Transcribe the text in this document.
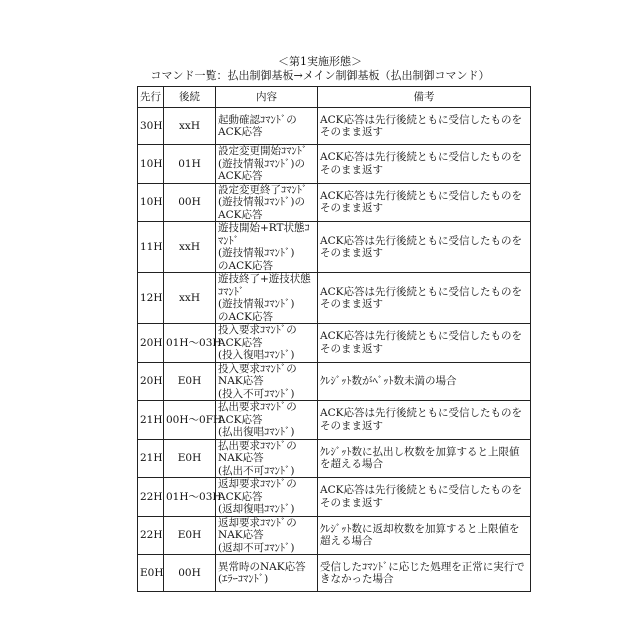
＜第1実施形態＞
コマンド一覧：払出制御基板→メイン制御基板（払出制御コマンド）
先行	後続	内容	備考
30H	xxH	起動確認ｺﾏﾝﾄﾞの
ACK応答	ACK応答は先行後続ともに受信したものを
そのまま返す
10H	01H	設定変更開始ｺﾏﾝﾄﾞ
(遊技情報ｺﾏﾝﾄﾞ)の
ACK応答	ACK応答は先行後続ともに受信したものを
そのまま返す
10H	00H	設定変更終了ｺﾏﾝﾄﾞ
(遊技情報ｺﾏﾝﾄﾞ)の
ACK応答	ACK応答は先行後続ともに受信したものを
そのまま返す
11H	xxH	遊技開始+RT状態ｺﾏﾝﾄﾞ
(遊技情報ｺﾏﾝﾄﾞ)
のACK応答	ACK応答は先行後続ともに受信したものを
そのまま返す
12H	xxH	遊技終了+遊技状態ｺﾏﾝﾄﾞ
(遊技情報ｺﾏﾝﾄﾞ)
のACK応答	ACK応答は先行後続ともに受信したものを
そのまま返す
20H	01H～03H	投入要求ｺﾏﾝﾄﾞの
ACK応答
(投入復唱ｺﾏﾝﾄﾞ)	ACK応答は先行後続ともに受信したものを
そのまま返す
20H	E0H	投入要求ｺﾏﾝﾄﾞの
NAK応答
(投入不可ｺﾏﾝﾄﾞ)	ｸﾚｼﾞｯﾄ数がﾍﾞｯﾄ数未満の場合
21H	00H～0FH	払出要求ｺﾏﾝﾄﾞの
ACK応答
(払出復唱ｺﾏﾝﾄﾞ)	ACK応答は先行後続ともに受信したものを
そのまま返す
21H	E0H	払出要求ｺﾏﾝﾄﾞの
NAK応答
(払出不可ｺﾏﾝﾄﾞ)	ｸﾚｼﾞｯﾄ数に払出し枚数を加算すると上限値
を超える場合
22H	01H～03H	返却要求ｺﾏﾝﾄﾞの
ACK応答
(返却復唱ｺﾏﾝﾄﾞ)	ACK応答は先行後続ともに受信したものを
そのまま返す
22H	E0H	返却要求ｺﾏﾝﾄﾞの
NAK応答
(返却不可ｺﾏﾝﾄﾞ)	ｸﾚｼﾞｯﾄ数に返却枚数を加算すると上限値を
超える場合
E0H	00H	異常時のNAK応答
(ｴﾗｰｺﾏﾝﾄﾞ)	受信したｺﾏﾝﾄﾞに応じた処理を正常に実行で
きなかった場合
